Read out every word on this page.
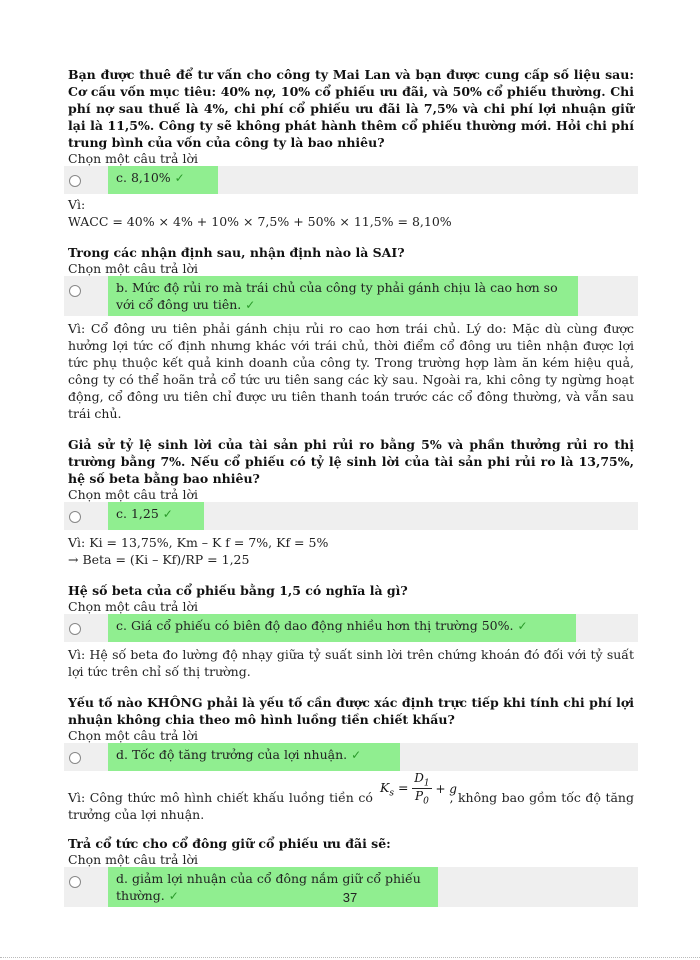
Bạn được thuê để tư vấn cho công ty Mai Lan và bạn được cung cấp số liệu sau: Cơ cấu vốn mục tiêu: 40% nợ, 10% cổ phiếu ưu đãi, và 50% cổ phiếu thường. Chi phí nợ sau thuế là 4%, chi phí cổ phiếu ưu đãi là 7,5% và chi phí lợi nhuận giữ lại là 11,5%. Công ty sẽ không phát hành thêm cổ phiếu thường mới. Hỏi chi phí trung bình của vốn của công ty là bao nhiêu?

Chọn một câu trả lời

c. 8,10% ✓

Vì:
WACC = 40% × 4% + 10% × 7,5% + 50% × 11,5% = 8,10%

Trong các nhận định sau, nhận định nào là SAI?

Chọn một câu trả lời

b. Mức độ rủi ro mà trái chủ của công ty phải gánh chịu là cao hơn so với cổ đông ưu tiên. ✓

Vì: Cổ đông ưu tiên phải gánh chịu rủi ro cao hơn trái chủ. Lý do: Mặc dù cùng được hưởng lợi tức cố định nhưng khác với trái chủ, thời điểm cổ đông ưu tiên nhận được lợi tức phụ thuộc kết quả kinh doanh của công ty. Trong trường hợp làm ăn kém hiệu quả, công ty có thể hoãn trả cổ tức ưu tiên sang các kỳ sau. Ngoài ra, khi công ty ngừng hoạt động, cổ đông ưu tiên chỉ được ưu tiên thanh toán trước các cổ đông thường, và vẫn sau trái chủ.

Giả sử tỷ lệ sinh lời của tài sản phi rủi ro bằng 5% và phần thưởng rủi ro thị trường bằng 7%. Nếu cổ phiếu có tỷ lệ sinh lời của tài sản phi rủi ro là 13,75%, hệ số beta bằng bao nhiêu?

Chọn một câu trả lời

c. 1,25 ✓

Vì: Ki = 13,75%, Km – K f = 7%, Kf = 5%
→ Beta = (Ki – Kf)/RP = 1,25

Hệ số beta của cổ phiếu bằng 1,5 có nghĩa là gì?

Chọn một câu trả lời

c. Giá cổ phiếu có biên độ dao động nhiều hơn thị trường 50%. ✓

Vì: Hệ số beta đo lường độ nhạy giữa tỷ suất sinh lời trên chứng khoán đó đối với tỷ suất lợi tức trên chỉ số thị trường.

Yếu tố nào KHÔNG phải là yếu tố cần được xác định trực tiếp khi tính chi phí lợi nhuận không chia theo mô hình luồng tiền chiết khấu?

Chọn một câu trả lời

d. Tốc độ tăng trưởng của lợi nhuận. ✓
$K_s = \frac{D_1}{P_0} + g$

Vì: Công thức mô hình chiết khấu luồng tiền có	, không bao gồm tốc độ tăng trưởng của lợi nhuận.

Trả cổ tức cho cổ đông giữ cổ phiếu ưu đãi sẽ:

Chọn một câu trả lời

d. giảm lợi nhuận của cổ đông nắm giữ cổ phiếu thường. ✓	37
